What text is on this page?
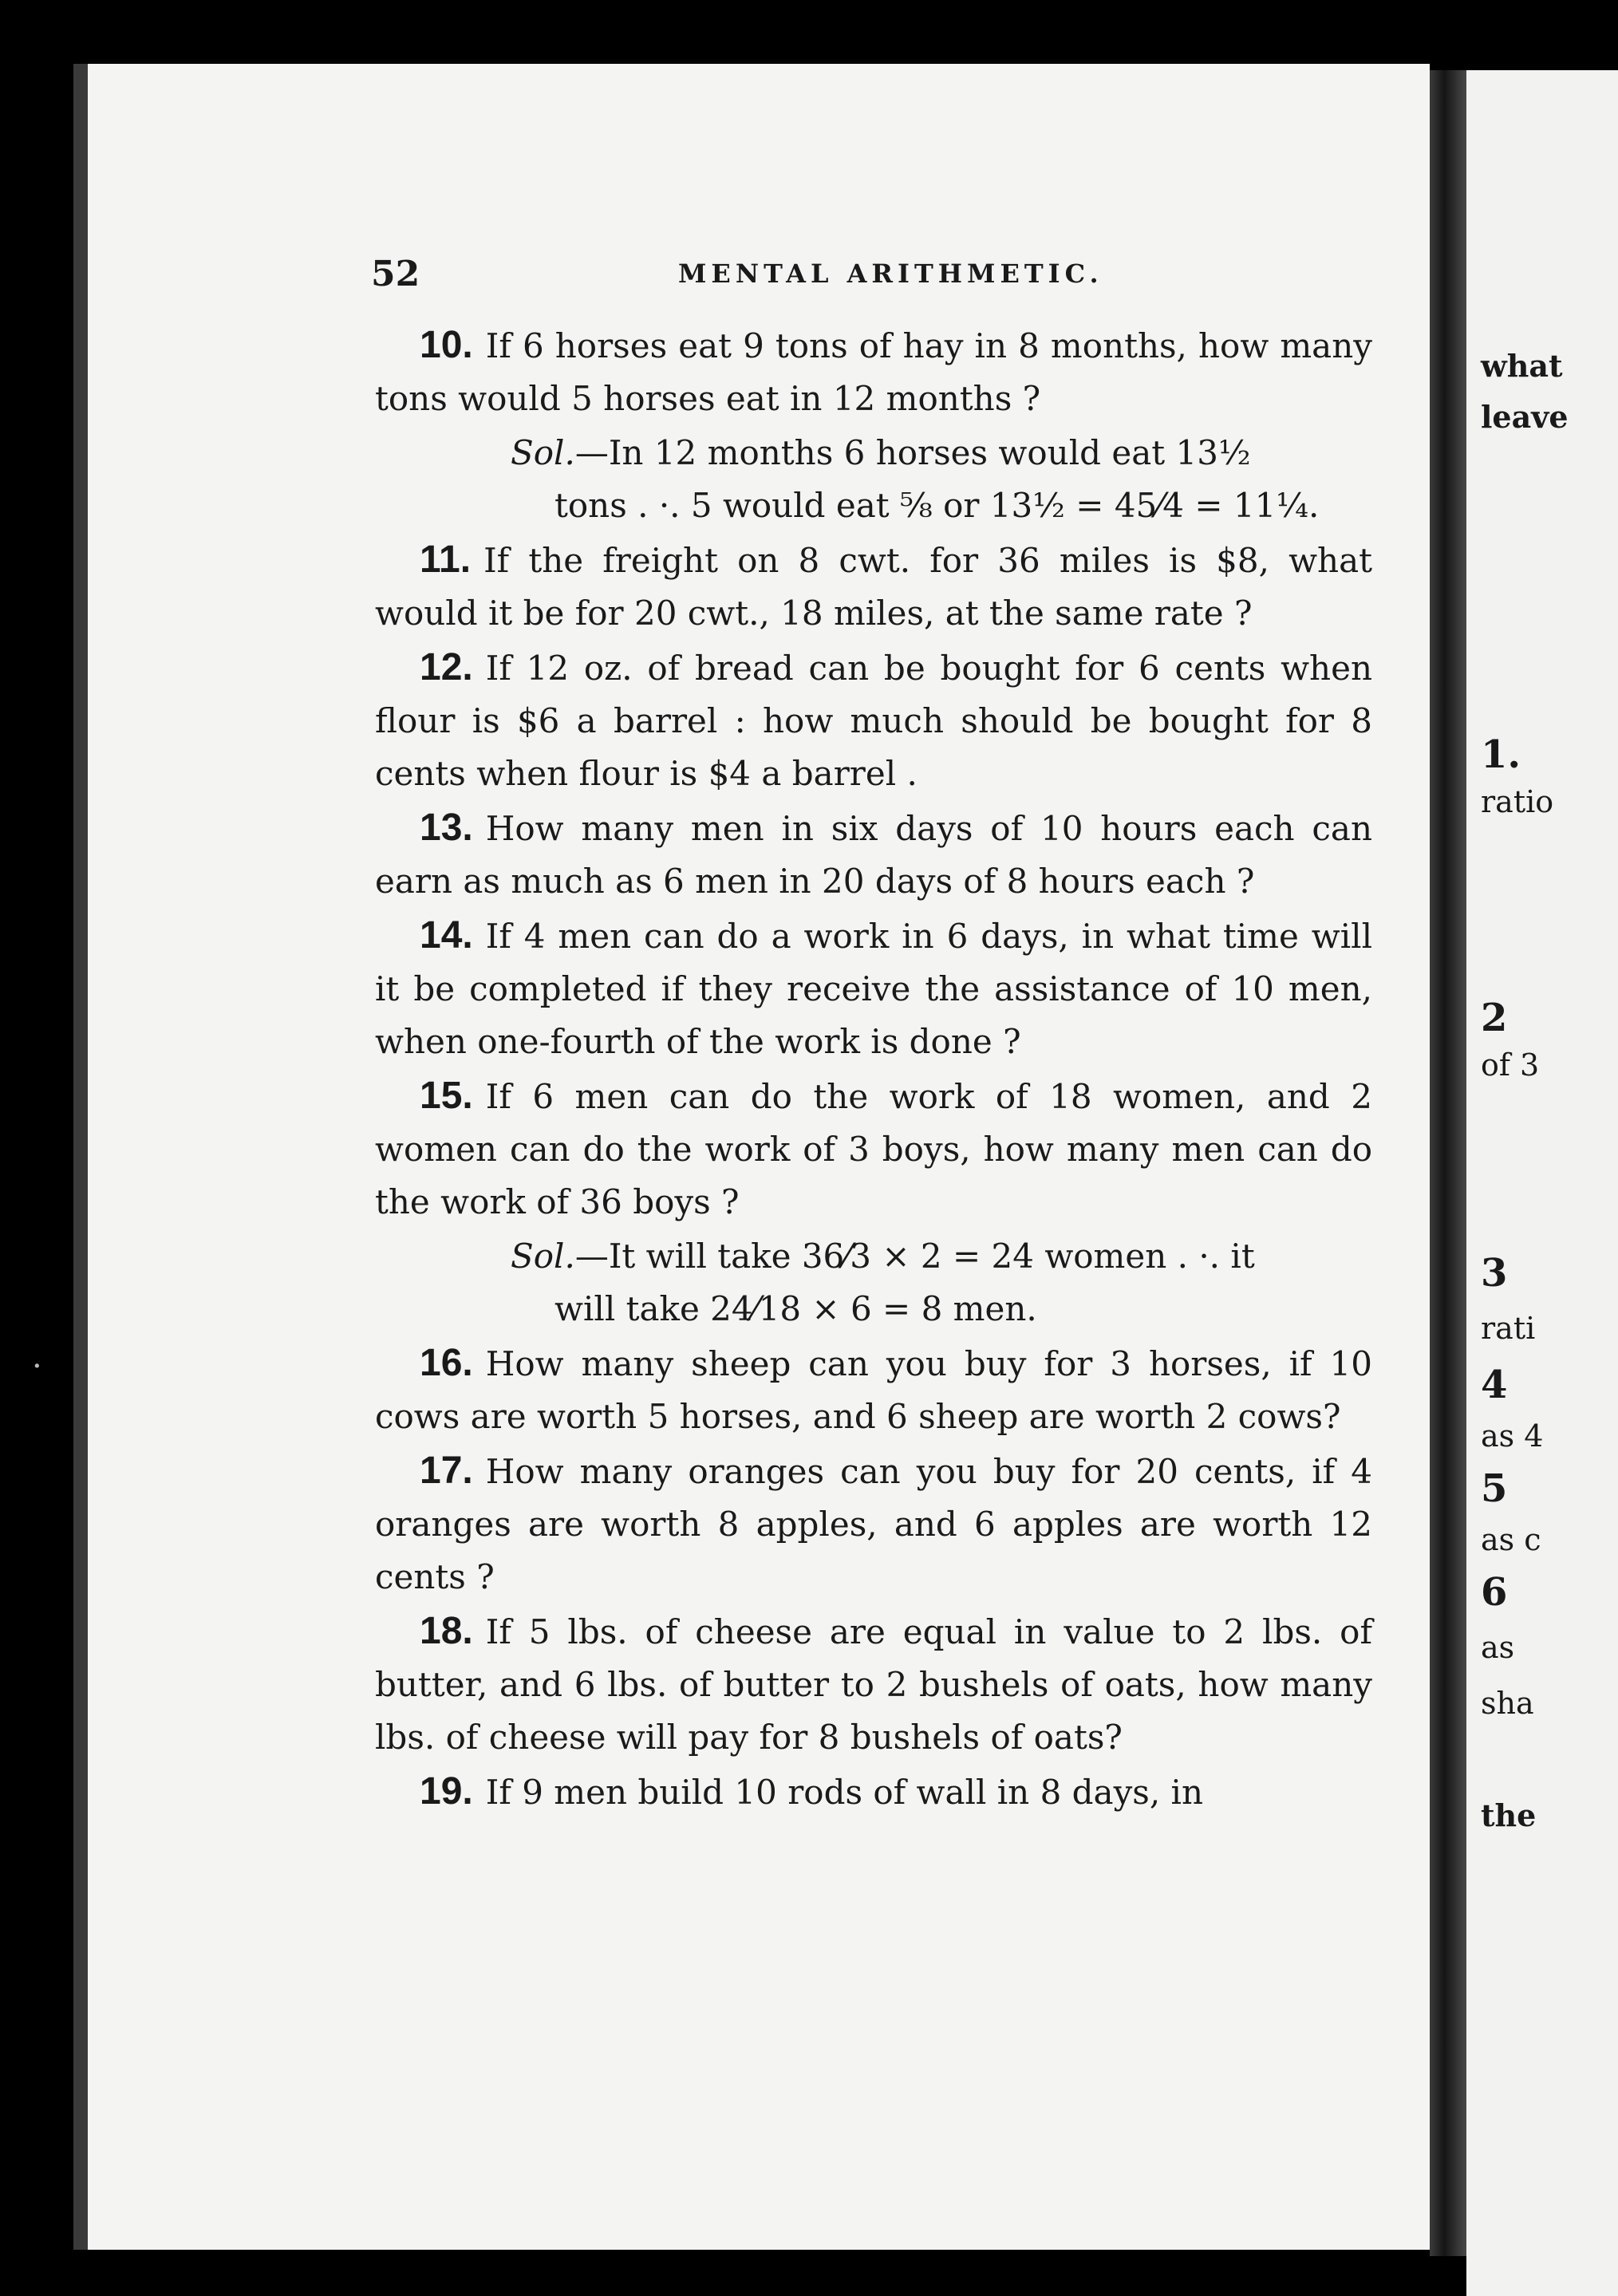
what
leave
1.
ratio
2
of 3
3
rati
4
as 4
5
as c
6
as
sha
the
·
52	MENTAL ARITHMETIC.

10. If 6 horses eat 9 tons of hay in 8 months, how many tons would 5 horses eat in 12 months ?

Sol.—In 12 months 6 horses would eat 13½
tons . ·. 5 would eat ⅝ or 13½ = 45⁄4 = 11¼.

11. If the freight on 8 cwt. for 36 miles is $8, what would it be for 20 cwt., 18 miles, at the same rate ?

12. If 12 oz. of bread can be bought for 6 cents when flour is $6 a barrel : how much should be bought for 8 cents when flour is $4 a barrel .

13. How many men in six days of 10 hours each can earn as much as 6 men in 20 days of 8 hours each ?

14. If 4 men can do a work in 6 days, in what time will it be completed if they receive the assistance of 10 men, when one-fourth of the work is done ?

15. If 6 men can do the work of 18 women, and 2 women can do the work of 3 boys, how many men can do the work of 36 boys ?

Sol.—It will take 36⁄3 × 2 = 24 women . ·. it
will take 24⁄18 × 6 = 8 men.

16. How many sheep can you buy for 3 horses, if 10 cows are worth 5 horses, and 6 sheep are worth 2 cows?

17. How many oranges can you buy for 20 cents, if 4 oranges are worth 8 apples, and 6 apples are worth 12 cents ?

18. If 5 lbs. of cheese are equal in value to 2 lbs. of butter, and 6 lbs. of butter to 2 bushels of oats, how many lbs. of cheese will pay for 8 bushels of oats?

19. If 9 men build 10 rods of wall in 8 days, in
